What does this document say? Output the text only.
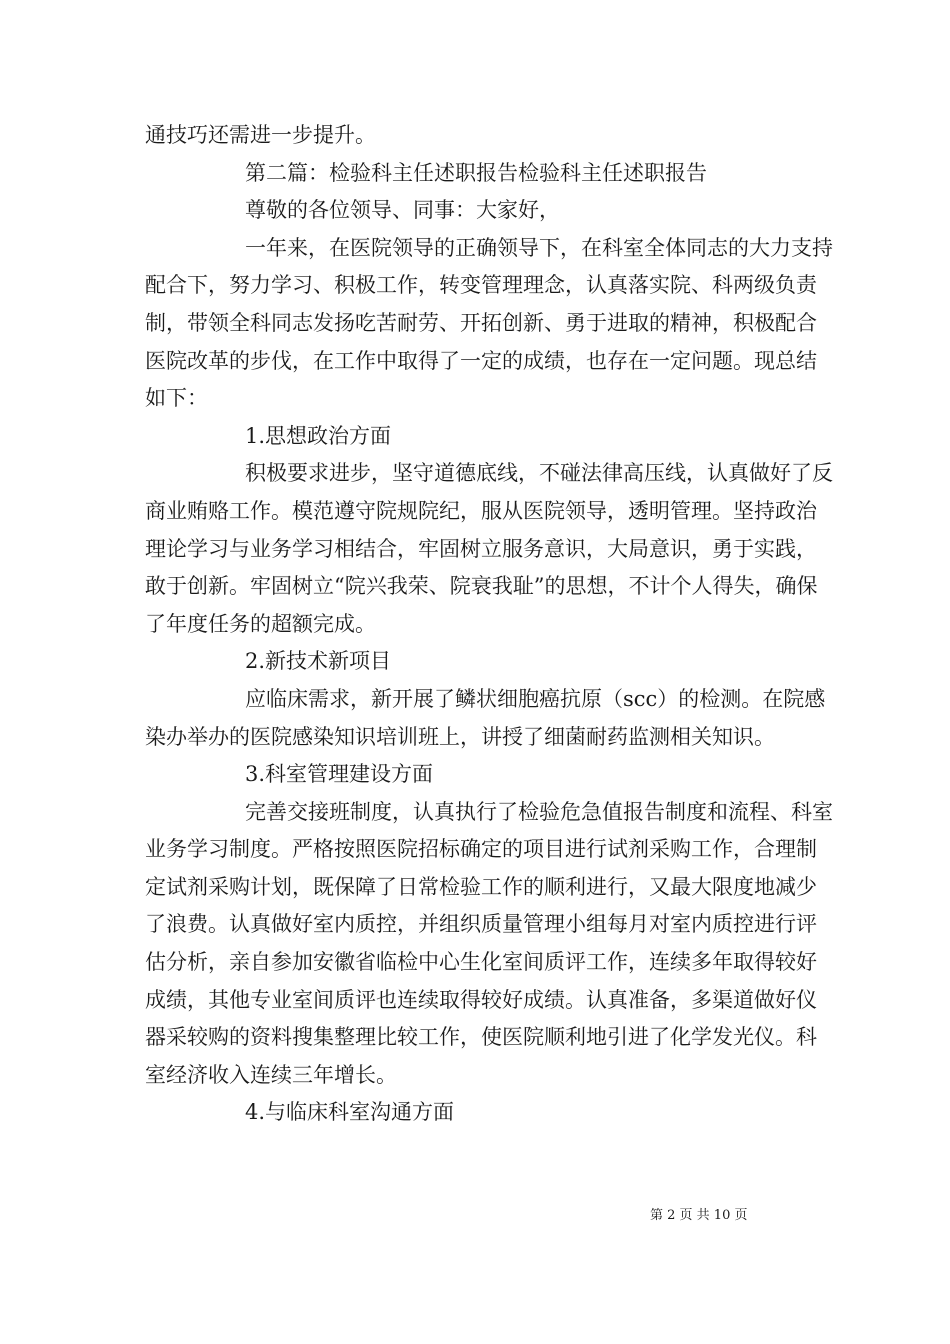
通技巧还需进一步提升。

第二篇：检验科主任述职报告检验科主任述职报告

尊敬的各位领导、同事：大家好，

一年来，在医院领导的正确领导下，在科室全体同志的大力支持配合下，努力学习、积极工作，转变管理理念，认真落实院、科两级负责制，带领全科同志发扬吃苦耐劳、开拓创新、勇于进取的精神，积极配合医院改革的步伐，在工作中取得了一定的成绩，也存在一定问题。现总结如下：

1.思想政治方面

积极要求进步，坚守道德底线，不碰法律高压线，认真做好了反商业贿赂工作。模范遵守院规院纪，服从医院领导，透明管理。坚持政治理论学习与业务学习相结合，牢固树立服务意识，大局意识，勇于实践，敢于创新。牢固树立“院兴我荣、院衰我耻”的思想，不计个人得失，确保了年度任务的超额完成。

2.新技术新项目

应临床需求，新开展了鳞状细胞癌抗原（scc）的检测。在院感染办举办的医院感染知识培训班上，讲授了细菌耐药监测相关知识。

3.科室管理建设方面

完善交接班制度，认真执行了检验危急值报告制度和流程、科室业务学习制度。严格按照医院招标确定的项目进行试剂采购工作，合理制定试剂采购计划，既保障了日常检验工作的顺利进行，又最大限度地减少了浪费。认真做好室内质控，并组织质量管理小组每月对室内质控进行评估分析，亲自参加安徽省临检中心生化室间质评工作，连续多年取得较好成绩，其他专业室间质评也连续取得较好成绩。认真准备，多渠道做好仪器采较购的资料搜集整理比较工作，使医院顺利地引进了化学发光仪。科室经济收入连续三年增长。

4.与临床科室沟通方面

第 2 页 共 10 页
